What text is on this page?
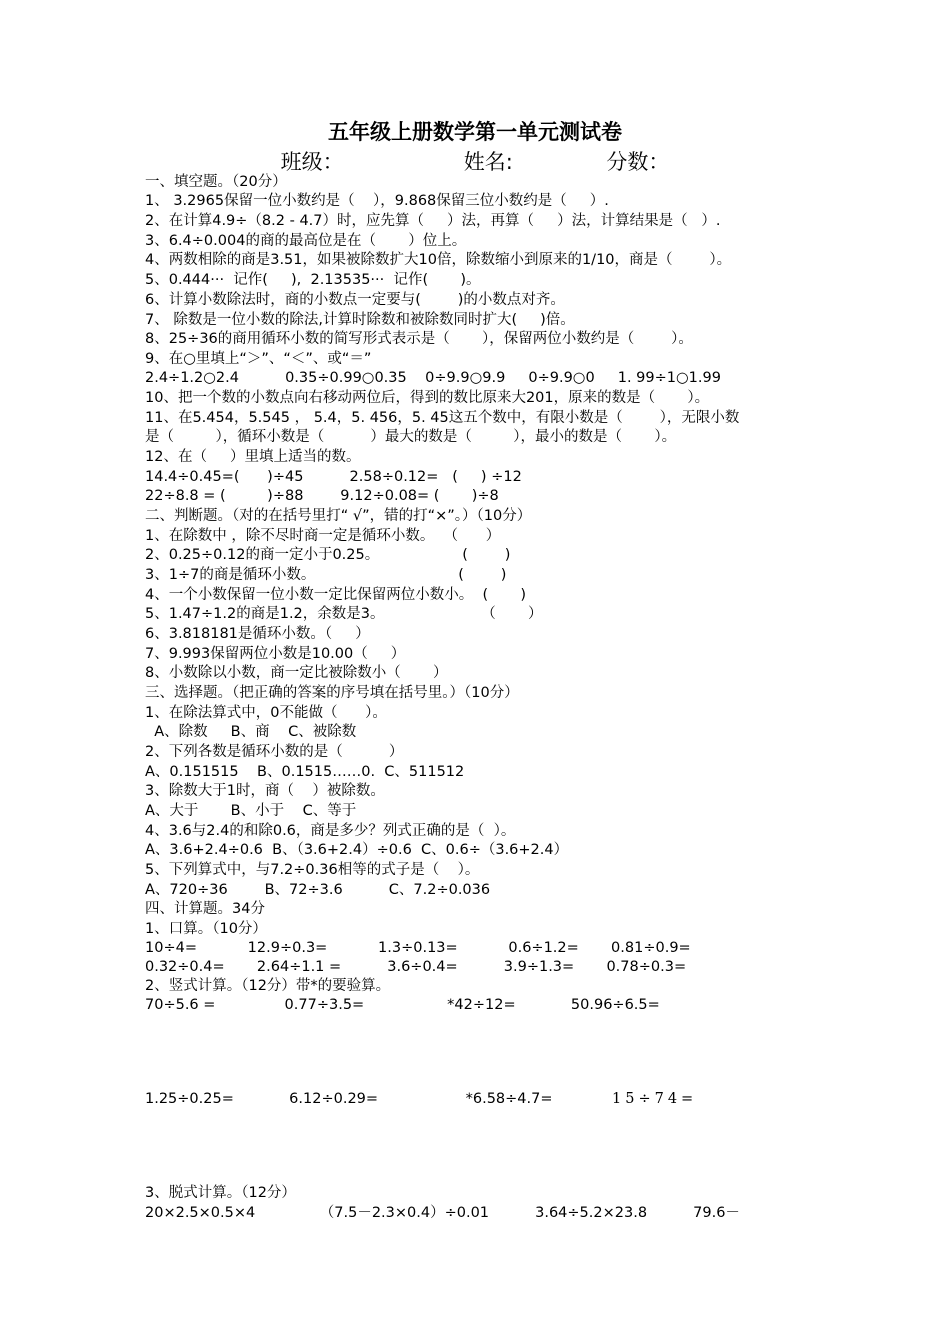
五年级上册数学第一单元测试卷
班级：                  姓名:              分数：
一、填空题。（20分）
1、 3.2965保留一位小数约是（    ），9.868保留三位小数约是（     ）.
2、在计算4.9÷（8.2 - 4.7）时，应先算（     ）法，再算（     ）法，计算结果是（   ）.
3、6.4÷0.004的商的最高位是在（       ）位上。
4、两数相除的商是3.51，如果被除数扩大10倍，除数缩小到原来的1/10，商是（        ）。
5、0.444···  记作(     ),  2.13535···  记作(       )。
6、计算小数除法时，商的小数点一定要与(        )的小数点对齐。
7、 除数是一位小数的除法,计算时除数和被除数同时扩大(     )倍。
8、25÷36的商用循环小数的简写形式表示是（       ），保留两位小数约是（        ）。
9、在○里填上“＞”、“＜”、或“＝”
2.4÷1.2○2.4          0.35÷0.99○0.35    0÷9.9○9.9     0÷9.9○0     1. 99÷1○1.99
10、把一个数的小数点向右移动两位后，得到的数比原来大201，原来的数是（       ）。
11、在5.454，5.545 ， 5.4，5. 456，5. 45这五个数中，有限小数是（        ），无限小数
是（         ），循环小数是（          ）最大的数是（         ），最小的数是（       ）。
12、在（     ）里填上适当的数。
14.4÷0.45=(      )÷45          2.58÷0.12=   (     ) ÷12
22÷8.8 = (         )÷88        9.12÷0.08= (       )÷8
二、判断题。（对的在括号里打“ √”，错的打“×”。）（10分）
1、在除数中 ，除不尽时商一定是循环小数。  （      ）
2、0.25÷0.12的商一定小于0.25。                  (        )
3、1÷7的商是循环小数。                               (        )
4、一个小数保留一位小数一定比保留两位小数小。  (       )
5、1.47÷1.2的商是1.2，余数是3。                     （       ）
6、3.818181是循环小数。（     ）
7、9.993保留两位小数是10.00（     ）
8、小数除以小数，商一定比被除数小（       ）
三、选择题。（把正确的答案的序号填在括号里。）（10分）
1、在除法算式中，0不能做（      ）。
A、除数     B、商    C、被除数
2、下列各数是循环小数的是（          ）
A、0.151515    B、0.1515……0.  C、511512
3、除数大于1时，商（    ）被除数。
A、大于       B、小于    C、等于
4、3.6与2.4的和除0.6，商是多少？列式正确的是（  ）。
A、3.6+2.4÷0.6  B、（3.6+2.4）÷0.6  C、0.6÷（3.6+2.4）
5、下列算式中，与7.2÷0.36相等的式子是（    ）。
A、720÷36        B、72÷3.6          C、7.2÷0.036
四、计算题。34分
1、口算。（10分）
10÷4=           12.9÷0.3=           1.3÷0.13=           0.6÷1.2=       0.81÷0.9=
0.32÷0.4=       2.64÷1.1 =          3.6÷0.4=          3.9÷1.3=       0.78÷0.3=
2、竖式计算。（12分）带*的要验算。
70÷5.6 =               0.77÷3.5=                  *42÷12=            50.96÷6.5=
1.25÷0.25=            6.12÷0.29=                   *6.58÷4.7=	15÷74=
3、脱式计算。（12分）
20×2.5×0.5×4              （7.5－2.3×0.4）÷0.01          3.64÷5.2×23.8          79.6－
